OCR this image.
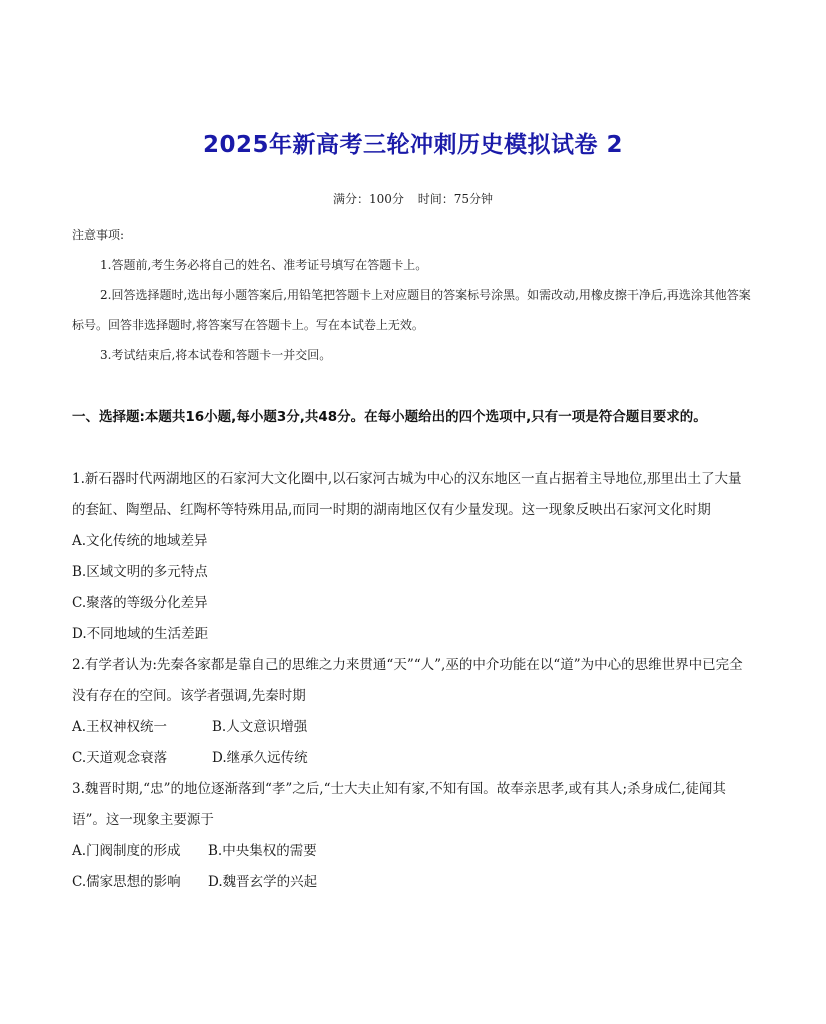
2025年新高考三轮冲刺历史模拟试卷 2
满分：100分 时间：75分钟

注意事项:

1.答题前,考生务必将自己的姓名、准考证号填写在答题卡上。

2.回答选择题时,选出每小题答案后,用铅笔把答题卡上对应题目的答案标号涂黑。如需改动,用橡皮擦干净后,再选涂其他答案标号。回答非选择题时,将答案写在答题卡上。写在本试卷上无效。

3.考试结束后,将本试卷和答题卡一并交回。

一、选择题:本题共16小题,每小题3分,共48分。在每小题给出的四个选项中,只有一项是符合题目要求的。

1.新石器时代两湖地区的石家河大文化圈中,以石家河古城为中心的汉东地区一直占据着主导地位,那里出土了大量的套缸、陶塑品、红陶杯等特殊用品,而同一时期的湖南地区仅有少量发现。这一现象反映出石家河文化时期

A.文化传统的地域差异

B.区域文明的多元特点

C.聚落的等级分化差异

D.不同地域的生活差距

2.有学者认为:先秦各家都是靠自己的思维之力来贯通“天”“人”,巫的中介功能在以“道”为中心的思维世界中已完全没有存在的空间。该学者强调,先秦时期

A.王权神权统一	B.人文意识增强
C.天道观念衰落	D.继承久远传统

3.魏晋时期,“忠”的地位逐渐落到“孝”之后,“士大夫止知有家,不知有国。故奉亲思孝,或有其人;杀身成仁,徒闻其语”。这一现象主要源于

A.门阀制度的形成	B.中央集权的需要
C.儒家思想的影响	D.魏晋玄学的兴起
